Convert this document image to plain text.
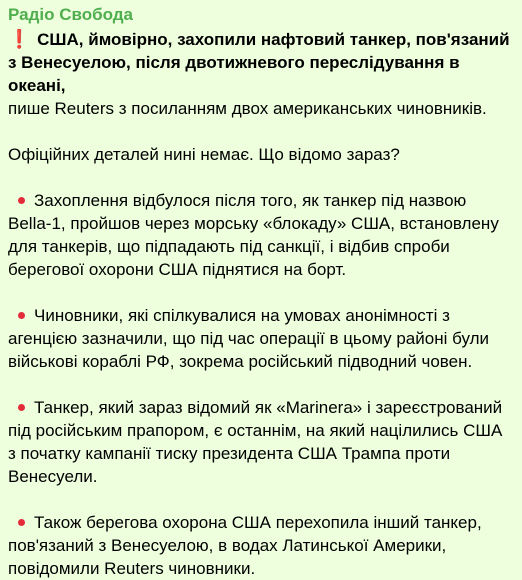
Радіо Свобода
❗ США, ймовірно, захопили нафтовий танкер, пов'язаний з Венесуелою, після двотижневого переслідування в океані,
пише Reuters з посиланням двох американських чиновників.
Офіційних деталей нині немає. Що відомо зараз?
Захоплення відбулося після того, як танкер під назвою Bella-1, пройшов через морську «блокаду» США, встановлену для танкерів, що підпадають під санкції, і відбив спроби берегової охорони США піднятися на борт.
Чиновники, які спілкувалися на умовах анонімності з агенцією зазначили, що під час операції в цьому районі були військові кораблі РФ, зокрема російський підводний човен.
Танкер, який зараз відомий як «Marinera» і зареєстрований під російським прапором, є останнім, на який націлились США з початку кампанії тиску президента США Трампа проти Венесуели.
Також берегова охорона США перехопила інший танкер, пов'язаний з Венесуелою, в водах Латинської Америки, повідомили Reuters чиновники.
